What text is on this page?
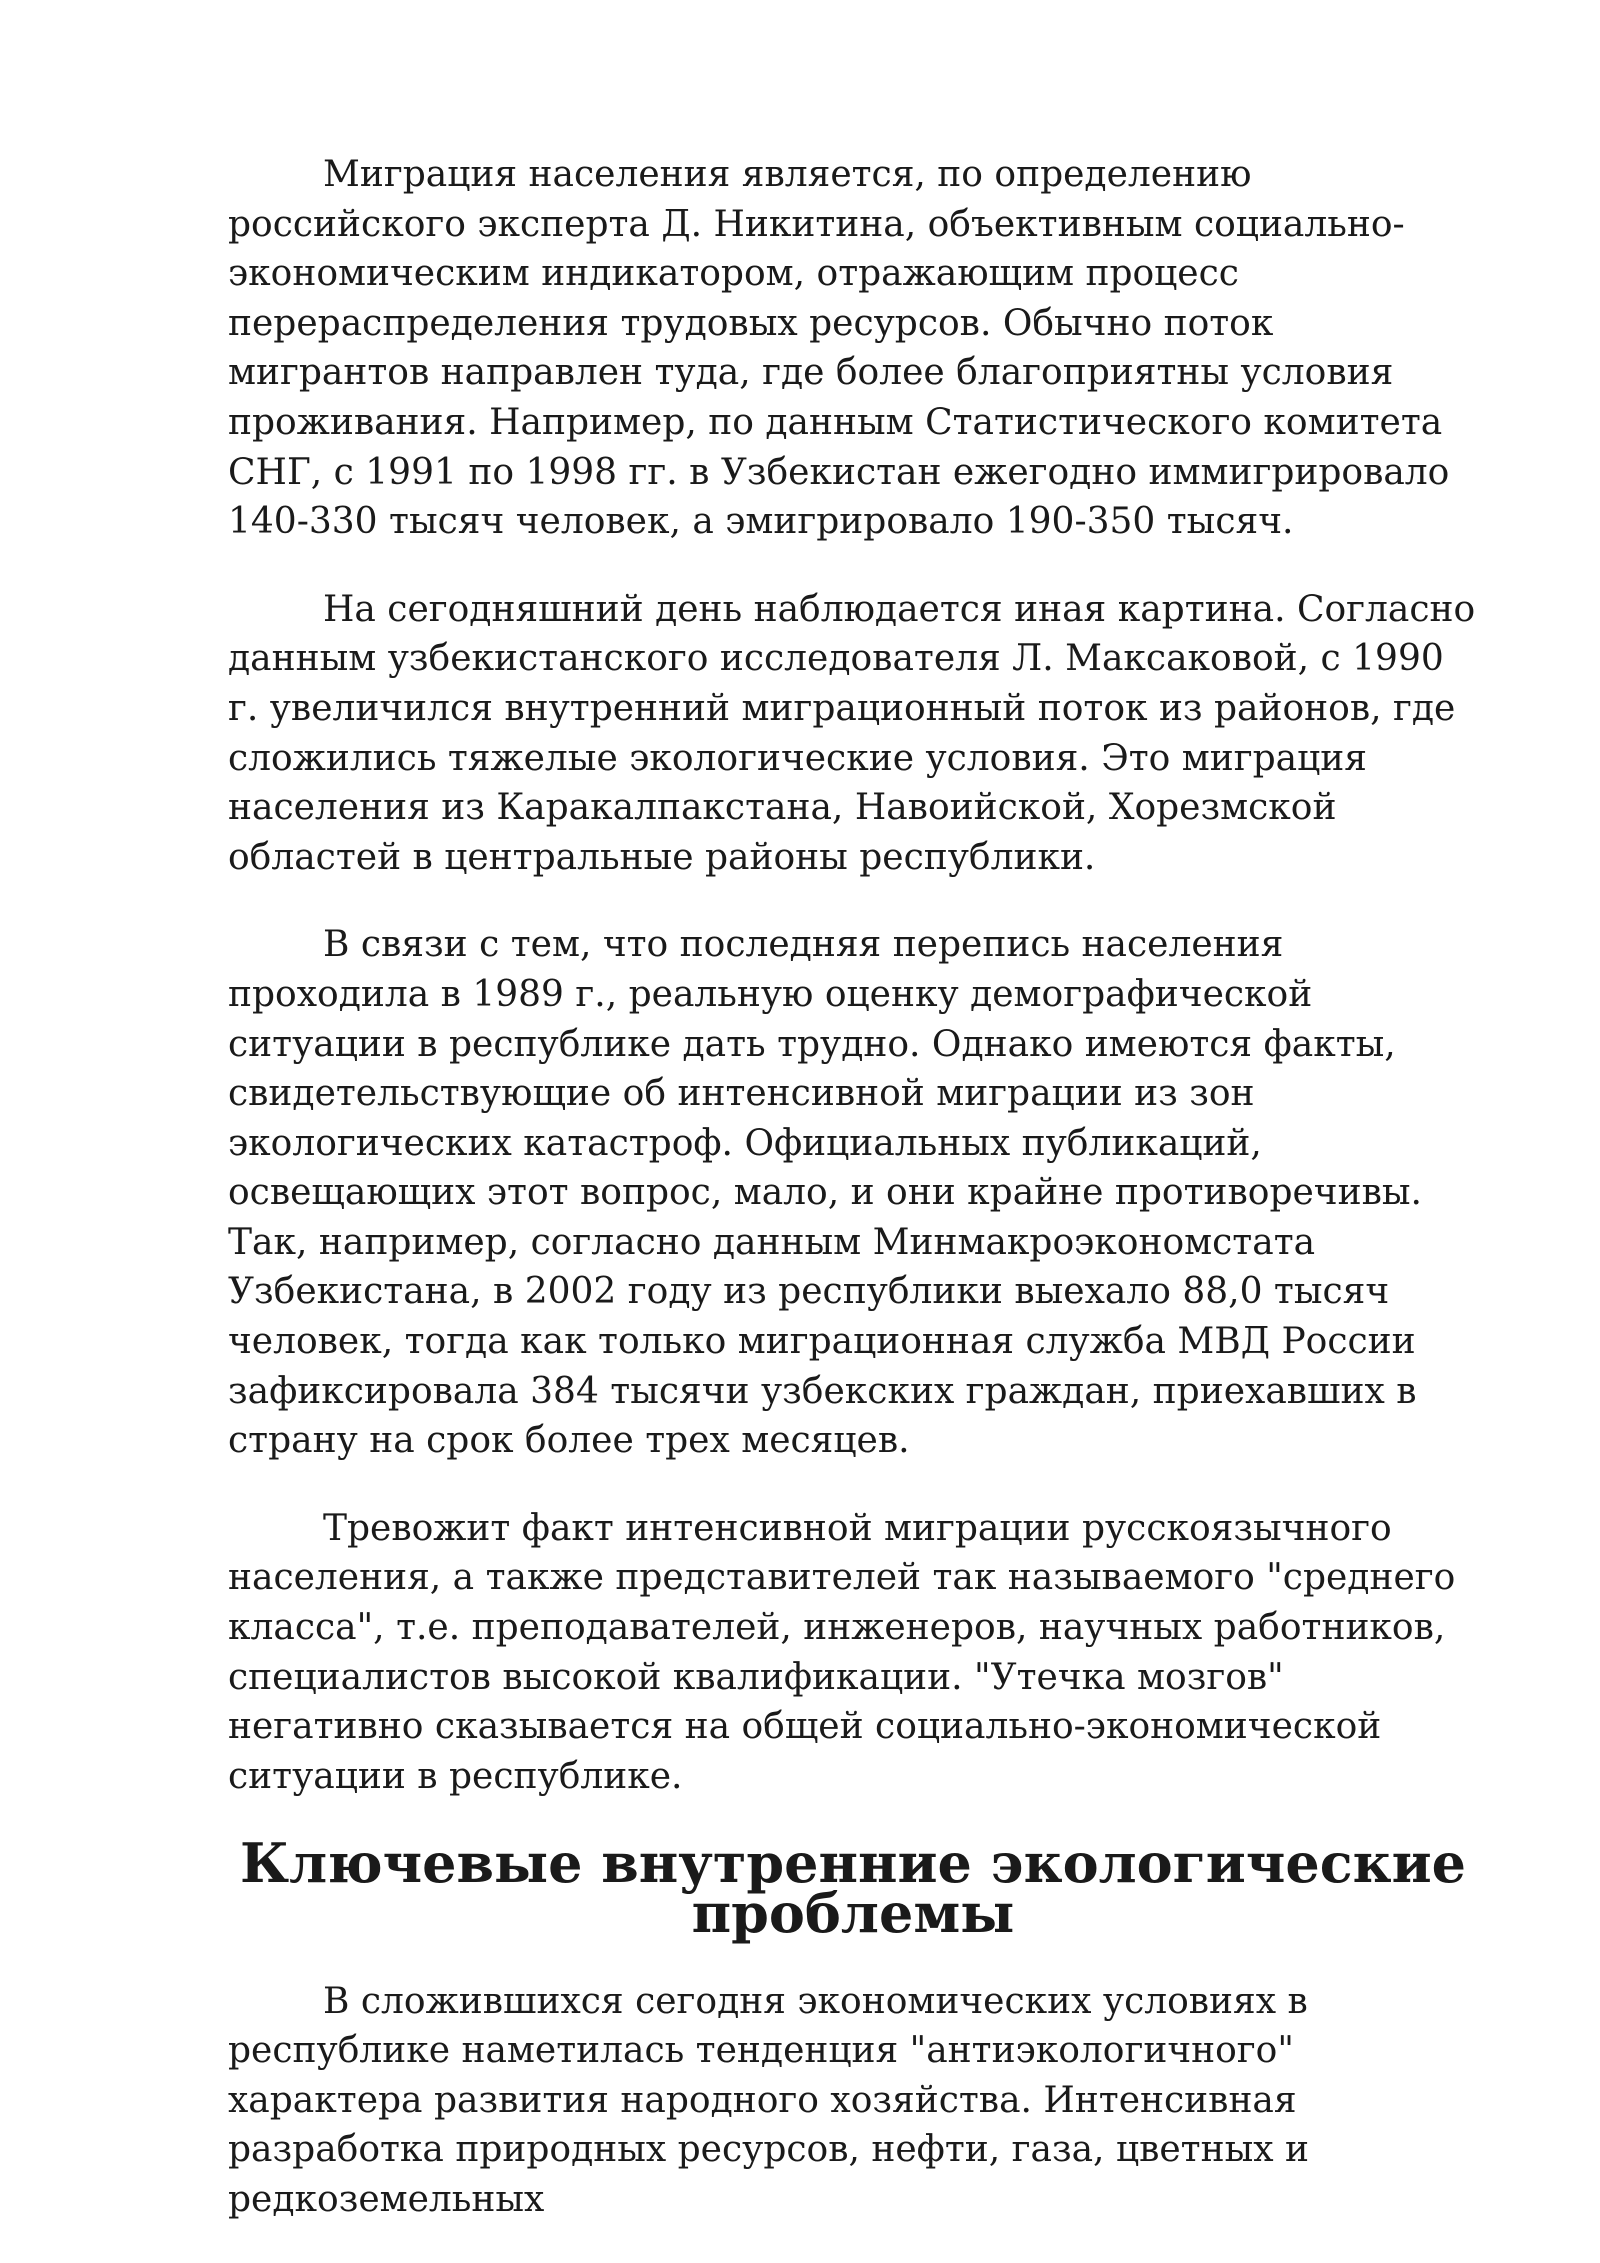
Миграция населения является, по определению российского эксперта Д. Никитина, объективным социально-экономическим индикатором, отражающим процесс перераспределения трудовых ресурсов. Обычно поток мигрантов направлен туда, где более благоприятны условия проживания. Например, по данным Статистического комитета СНГ, с 1991 по 1998 гг. в Узбекистан ежегодно иммигрировало 140-330 тысяч человек, а эмигрировало 190-350 тысяч.

На сегодняшний день наблюдается иная картина. Согласно данным узбекистанского исследователя Л. Максаковой, с 1990 г. увеличился внутренний миграционный поток из районов, где сложились тяжелые экологические условия. Это миграция населения из Каракалпакстана, Навоийской, Хорезмской областей в центральные районы республики.

В связи с тем, что последняя перепись населения проходила в 1989 г., реальную оценку демографической ситуации в республике дать трудно. Однако имеются факты, свидетельствующие об интенсивной миграции из зон экологических катастроф. Официальных публикаций, освещающих этот вопрос, мало, и они крайне противоречивы. Так, например, согласно данным Минмакроэкономстата Узбекистана, в 2002 году из республики выехало 88,0 тысяч человек, тогда как только миграционная служба МВД России зафиксировала 384 тысячи узбекских граждан, приехавших в страну на срок более трех месяцев.

Тревожит факт интенсивной миграции русскоязычного населения, а также представителей так называемого "среднего класса", т.е. преподавателей, инженеров, научных работников, специалистов высокой квалификации. "Утечка мозгов" негативно сказывается на общей социально-экономической ситуации в республике.

Ключевые внутренние экологические проблемы

В сложившихся сегодня экономических условиях в республике наметилась тенденция "антиэкологичного" характера развития народного хозяйства. Интенсивная разработка природных ресурсов, нефти, газа, цветных и редкоземельных
